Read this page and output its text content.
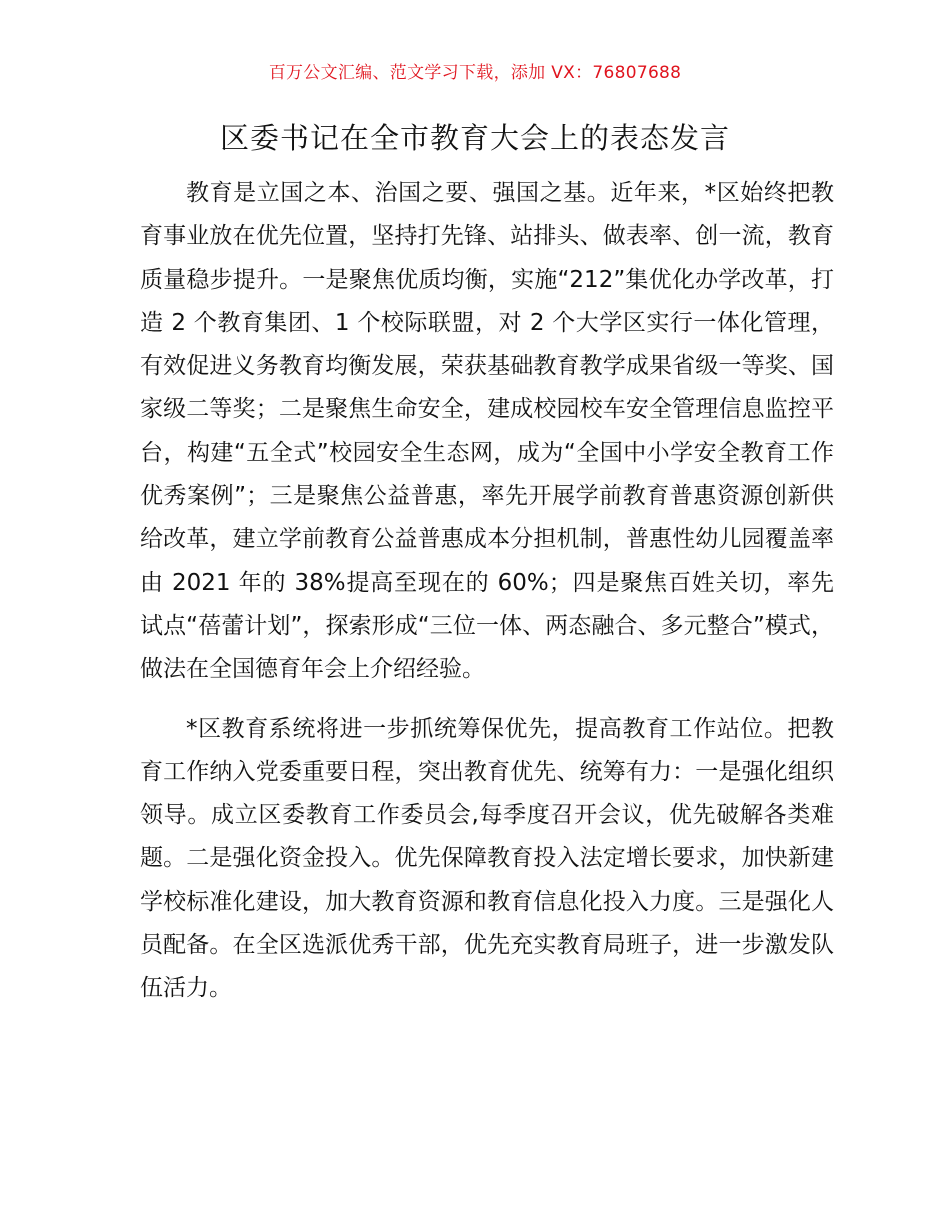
百万公文汇编、范文学习下载，添加 VX：76807688
区委书记在全市教育大会上的表态发言

教育是立国之本、治国之要、强国之基。近年来，*区始终把教育事业放在优先位置，坚持打先锋、站排头、做表率、创一流，教育质量稳步提升。一是聚焦优质均衡，实施“212”集优化办学改革，打造 2 个教育集团、1 个校际联盟，对 2 个大学区实行一体化管理，有效促进义务教育均衡发展，荣获基础教育教学成果省级一等奖、国家级二等奖；二是聚焦生命安全，建成校园校车安全管理信息监控平台，构建“五全式”校园安全生态网，成为“全国中小学安全教育工作优秀案例”；三是聚焦公益普惠，率先开展学前教育普惠资源创新供给改革，建立学前教育公益普惠成本分担机制，普惠性幼儿园覆盖率由 2021 年的 38%提高至现在的 60%；四是聚焦百姓关切，率先试点“蓓蕾计划”，探索形成“三位一体、两态融合、多元整合”模式，做法在全国德育年会上介绍经验。

*区教育系统将进一步抓统筹保优先，提高教育工作站位。把教育工作纳入党委重要日程，突出教育优先、统筹有力：一是强化组织领导。成立区委教育工作委员会,每季度召开会议，优先破解各类难题。二是强化资金投入。优先保障教育投入法定增长要求，加快新建学校标准化建设，加大教育资源和教育信息化投入力度。三是强化人员配备。在全区选派优秀干部，优先充实教育局班子，进一步激发队伍活力。
